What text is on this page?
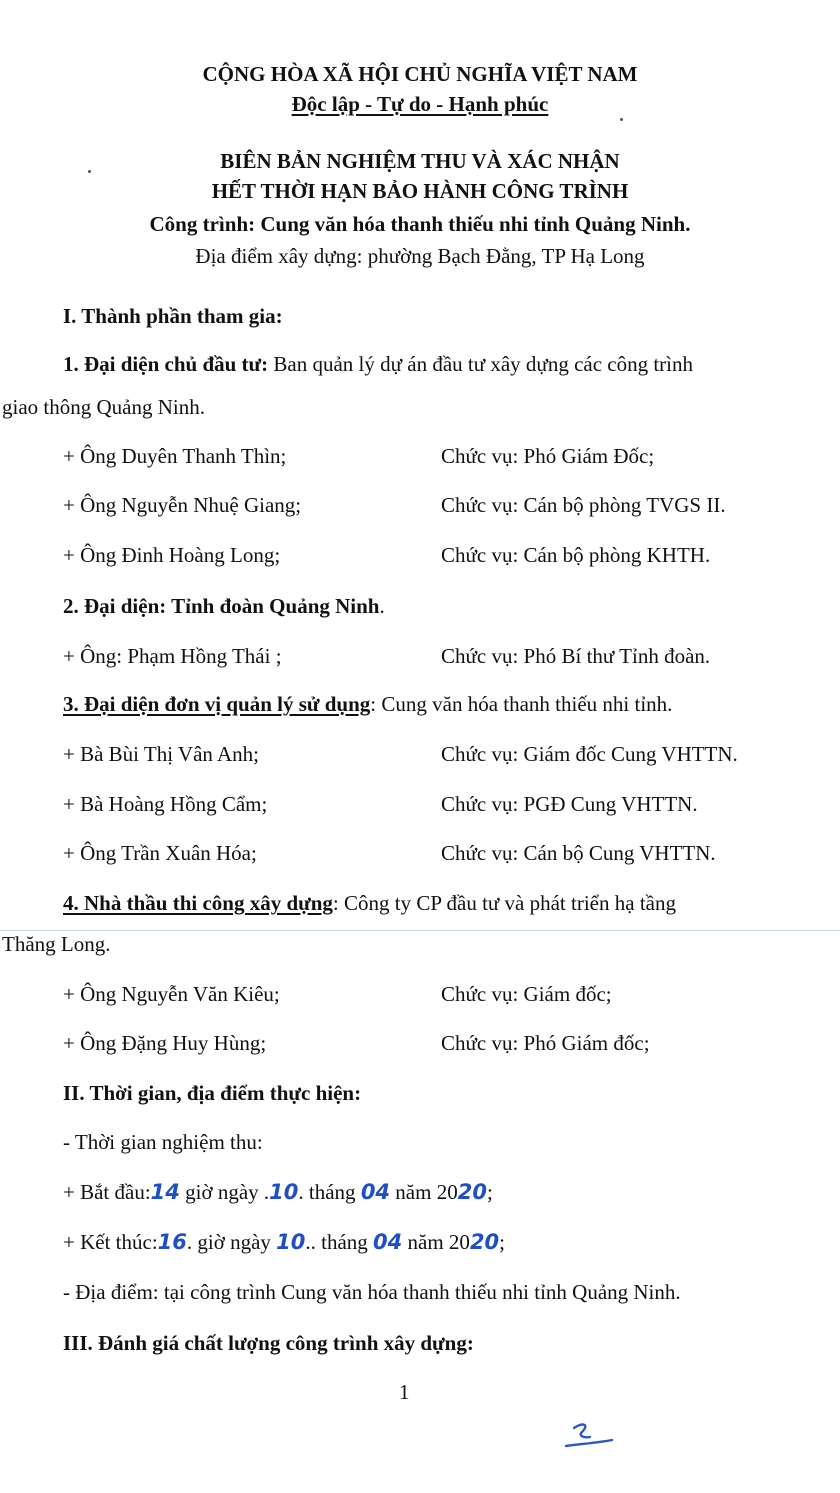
CỘNG HÒA XÃ HỘI CHỦ NGHĨA VIỆT NAM
Độc lập - Tự do - Hạnh phúc
BIÊN BẢN NGHIỆM THU VÀ XÁC NHẬN
HẾT THỜI HẠN BẢO HÀNH CÔNG TRÌNH
Công trình: Cung văn hóa thanh thiếu nhi tỉnh Quảng Ninh.
Địa điểm xây dựng: phường Bạch Đằng, TP Hạ Long
I. Thành phần tham gia:
1. Đại diện chủ đầu tư: Ban quản lý dự án đầu tư xây dựng các công trình
giao thông Quảng Ninh.
+ Ông Duyên Thanh Thìn;	Chức vụ: Phó Giám Đốc;
+ Ông Nguyễn Nhuệ Giang;	Chức vụ: Cán bộ phòng TVGS II.
+ Ông Đinh Hoàng Long;	Chức vụ: Cán bộ phòng KHTH.
2. Đại diện: Tỉnh đoàn Quảng Ninh.
+ Ông: Phạm Hồng Thái ;	Chức vụ: Phó Bí thư Tỉnh đoàn.
3. Đại diện đơn vị quản lý sử dụng: Cung văn hóa thanh thiếu nhi tỉnh.
+ Bà Bùi Thị Vân Anh;	Chức vụ: Giám đốc Cung VHTTN.
+ Bà Hoàng Hồng Cẩm;	Chức vụ: PGĐ Cung VHTTN.
+ Ông Trần Xuân Hóa;	Chức vụ: Cán bộ Cung VHTTN.
4. Nhà thầu thi công xây dựng: Công ty CP đầu tư và phát triển hạ tầng
Thăng Long.
+ Ông Nguyễn Văn Kiêu;	Chức vụ: Giám đốc;
+ Ông Đặng Huy Hùng;	Chức vụ: Phó Giám đốc;
II. Thời gian, địa điểm thực hiện:
- Thời gian nghiệm thu:
+ Bắt đầu:14 giờ ngày .10. tháng 04 năm 2020;
+ Kết thúc:16. giờ ngày 10.. tháng 04 năm 2020;
- Địa điểm: tại công trình Cung văn hóa thanh thiếu nhi tỉnh Quảng Ninh.
III. Đánh giá chất lượng công trình xây dựng:
1
